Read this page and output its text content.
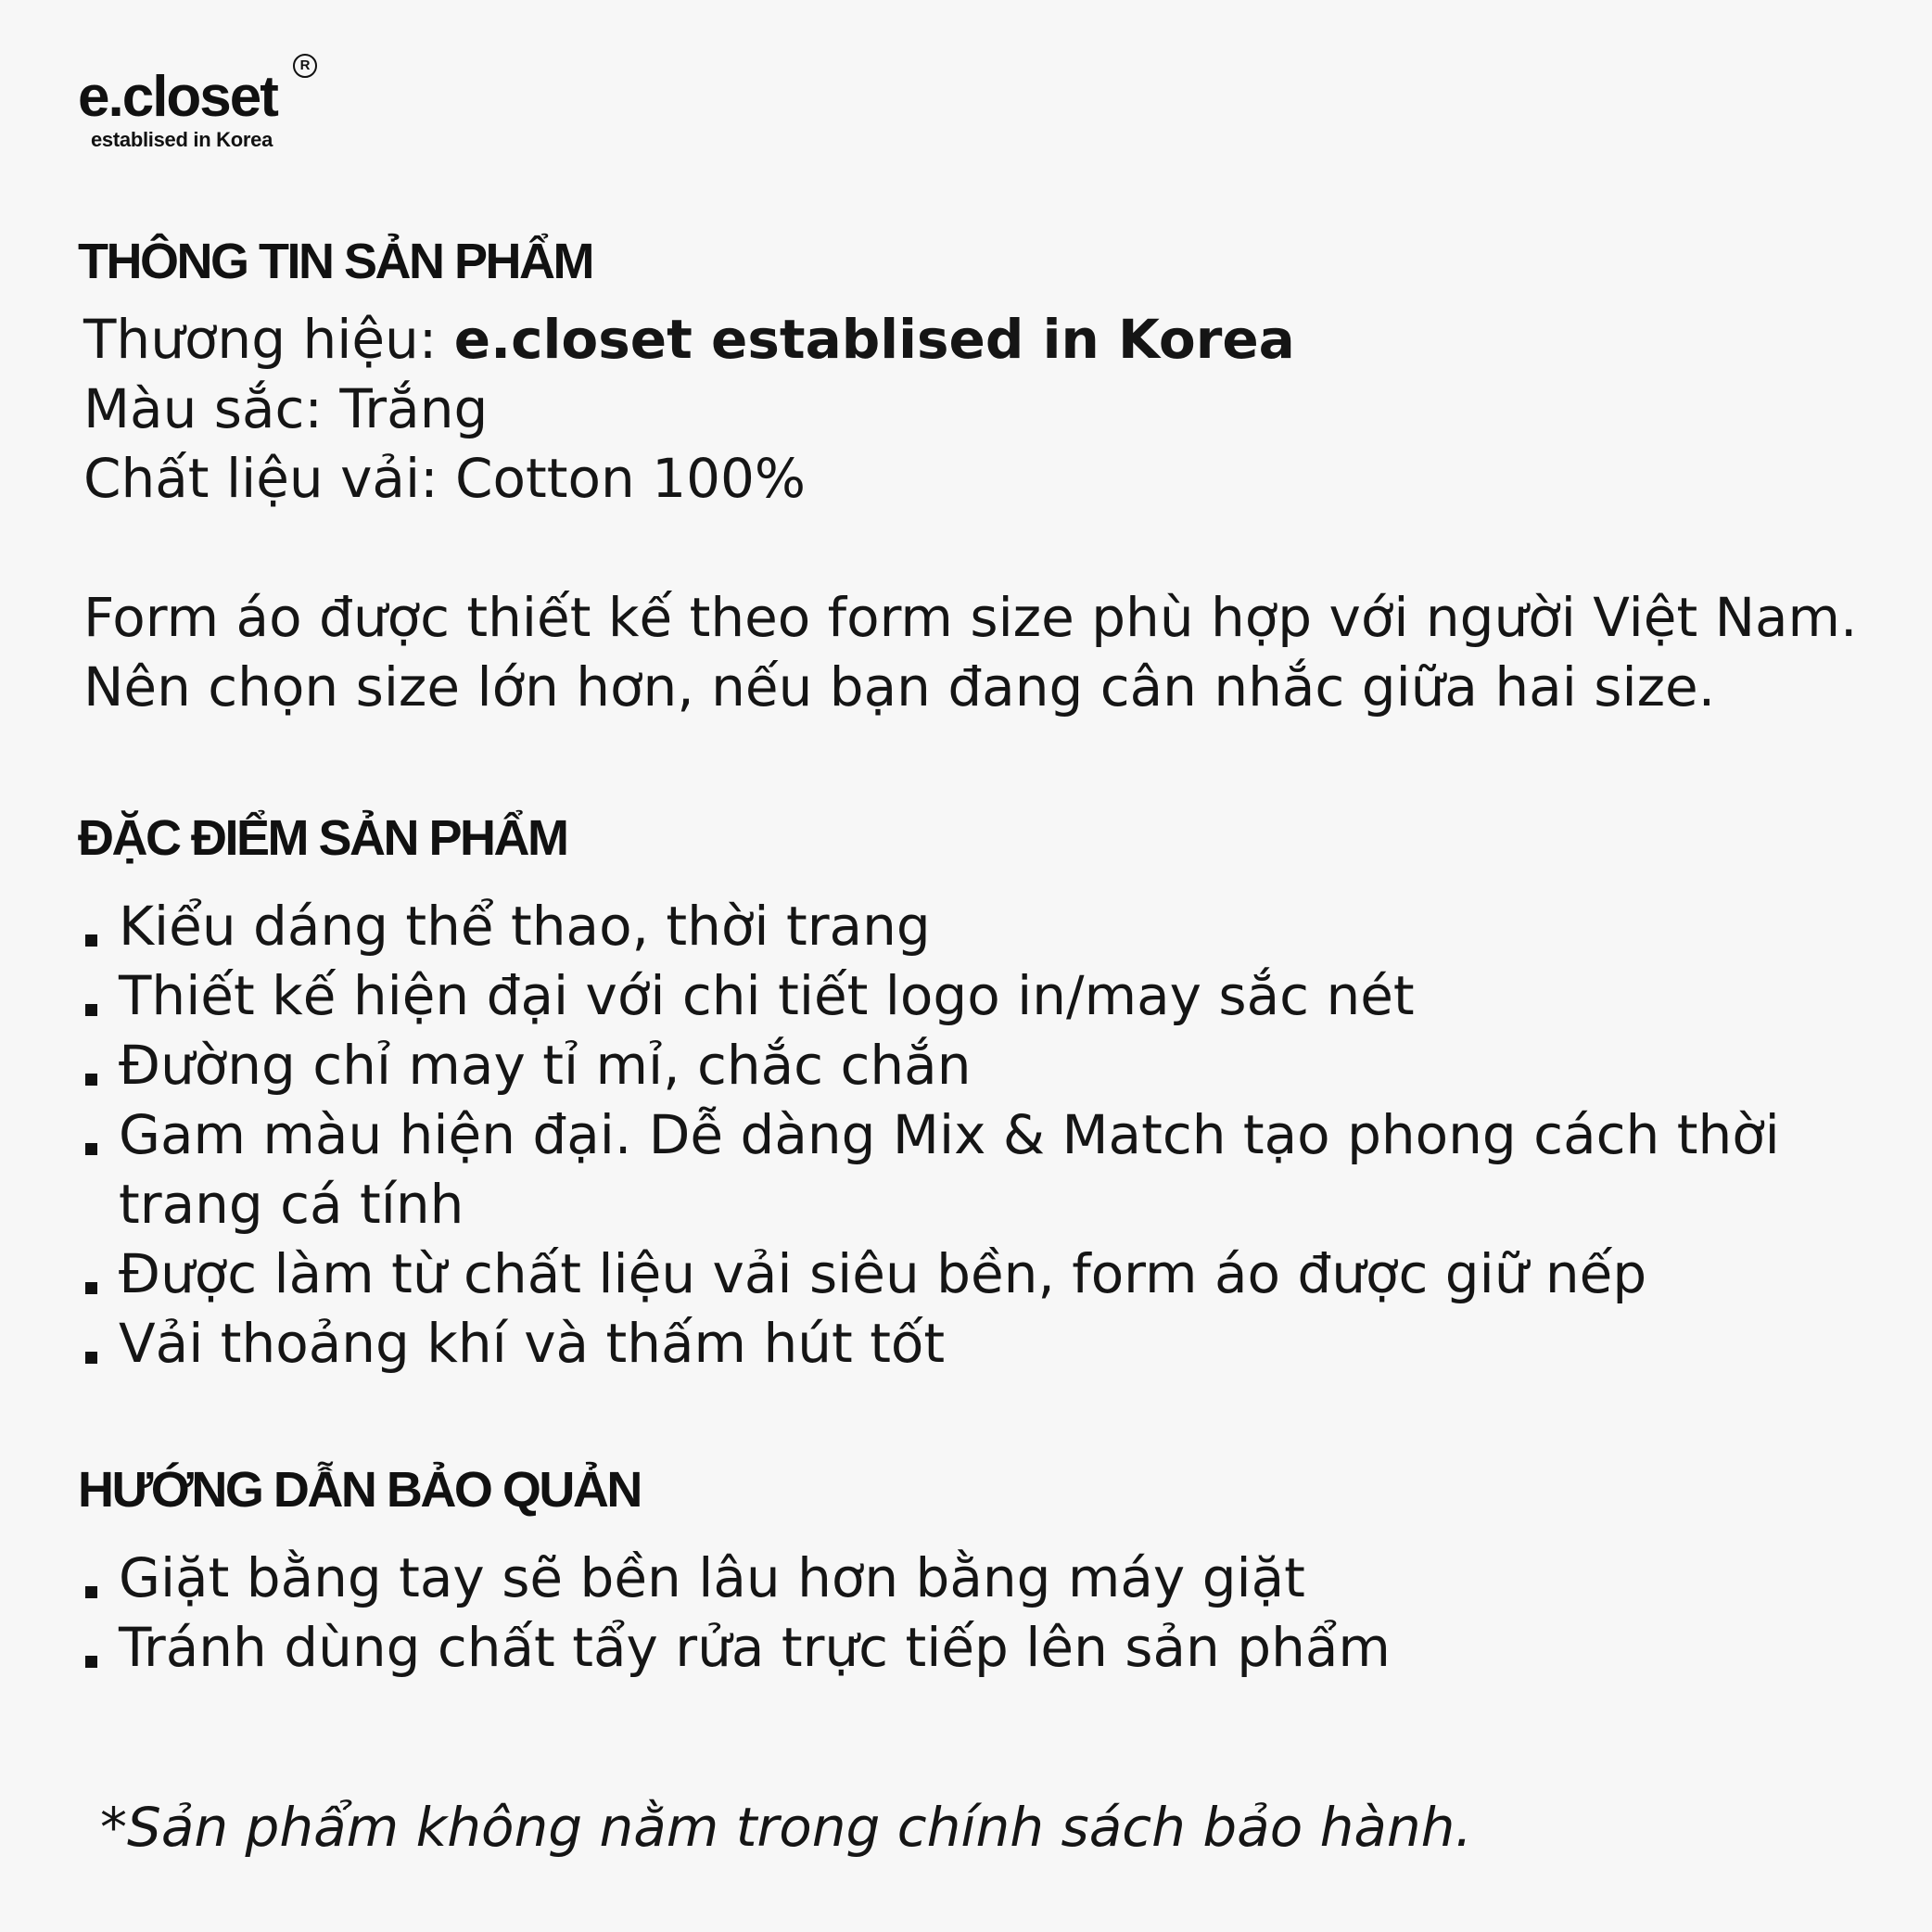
e.closet	R
establised in Korea
THÔNG TIN SẢN PHẨM
Thương hiệu: e.closet establised in Korea
Màu sắc: Trắng
Chất liệu vải: Cotton 100%
Form áo được thiết kế theo form size phù hợp với người Việt Nam.
Nên chọn size lớn hơn, nếu bạn đang cân nhắc giữa hai size.
ĐẶC ĐIỂM SẢN PHẨM
Kiểu dáng thể thao, thời trang
Thiết kế hiện đại với chi tiết logo in/may sắc nét
Đường chỉ may tỉ mỉ, chắc chắn
Gam màu hiện đại. Dễ dàng Mix & Match tạo phong cách thời
trang cá tính
Được làm từ chất liệu vải siêu bền, form áo được giữ nếp
Vải thoảng khí và thấm hút tốt
HƯỚNG DẪN BẢO QUẢN
Giặt bằng tay sẽ bền lâu hơn bằng máy giặt
Tránh dùng chất tẩy rửa trực tiếp lên sản phẩm
*Sản phẩm không nằm trong chính sách bảo hành.
